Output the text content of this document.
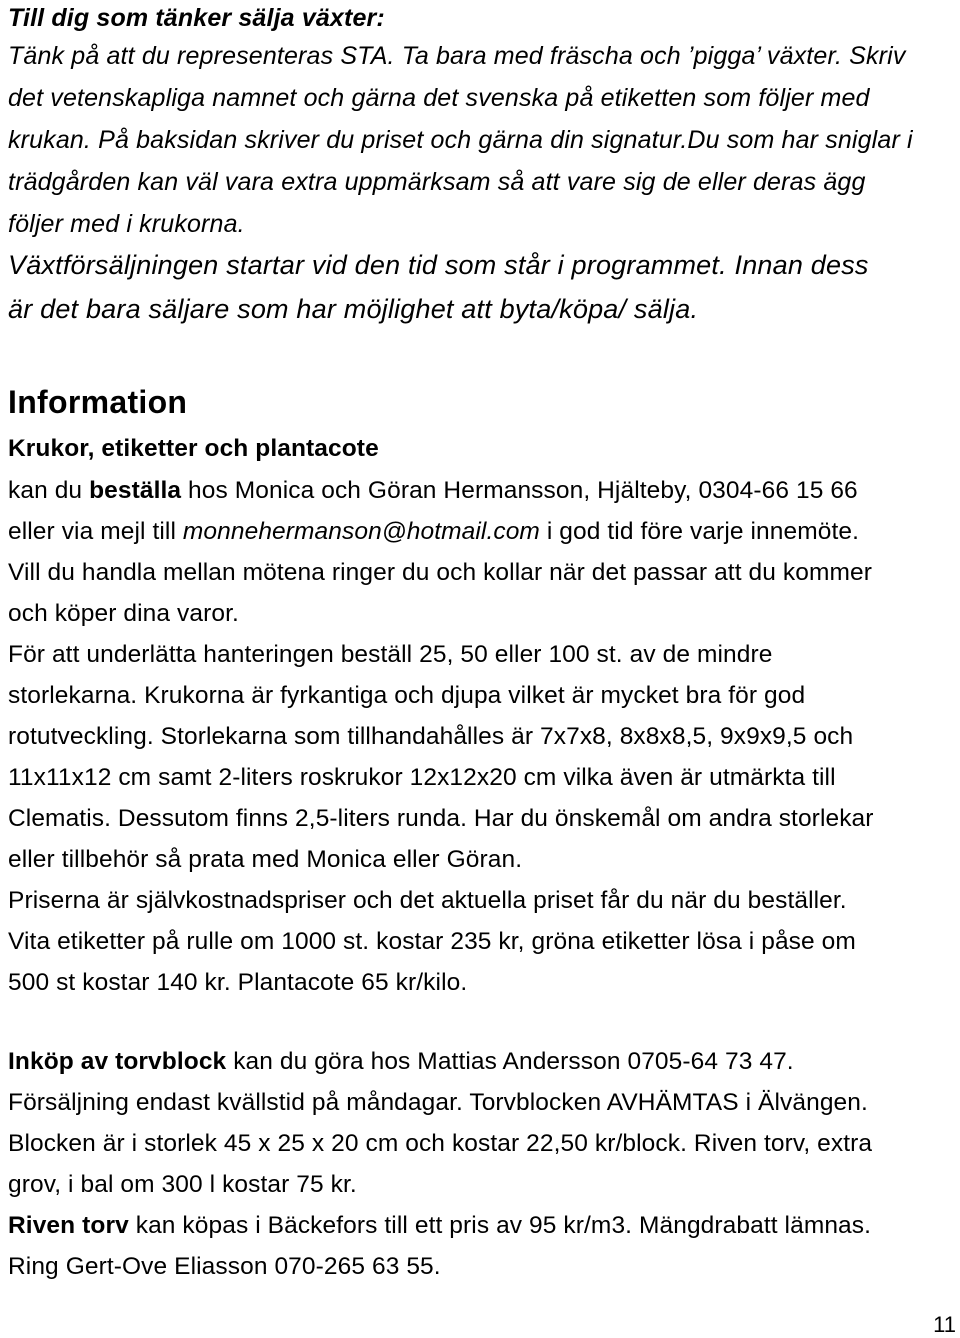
Till dig som tänker sälja växter:
Tänk på att du representeras STA. Ta bara med fräscha och ’pigga’ växter. Skriv
det vetenskapliga namnet och gärna det svenska på etiketten som följer med
krukan. På baksidan skriver du priset och gärna din signatur.Du som har sniglar i
trädgården kan väl vara extra uppmärksam så att vare sig de eller deras ägg
följer med i krukorna.
Växtförsäljningen startar vid den tid som står i programmet. Innan dess
är det bara säljare som har möjlighet att byta/köpa/ sälja.
Information
Krukor, etiketter och plantacote
kan du beställa hos Monica och Göran Hermansson, Hjälteby, 0304-66 15 66
eller via mejl till monnehermanson@hotmail.com i god tid före varje innemöte.
Vill du handla mellan mötena ringer du och kollar när det passar att du kommer
och köper dina varor.
För att underlätta hanteringen beställ 25, 50 eller 100 st. av de mindre
storlekarna. Krukorna är fyrkantiga och djupa vilket är mycket bra för god
rotutveckling. Storlekarna som tillhandahålles är 7x7x8, 8x8x8,5, 9x9x9,5 och
11x11x12 cm samt 2-liters roskrukor 12x12x20 cm vilka även är utmärkta till
Clematis. Dessutom finns 2,5-liters runda. Har du önskemål om andra storlekar
eller tillbehör så prata med Monica eller Göran.
Priserna är självkostnadspriser och det aktuella priset får du när du beställer.
Vita etiketter på rulle om 1000 st. kostar 235 kr, gröna etiketter lösa i påse om
500 st kostar 140 kr. Plantacote 65 kr/kilo.
Inköp av torvblock kan du göra hos Mattias Andersson 0705-64 73 47.
Försäljning endast kvällstid på måndagar. Torvblocken AVHÄMTAS i Älvängen.
Blocken är i storlek 45 x 25 x 20 cm och kostar 22,50 kr/block. Riven torv, extra
grov, i bal om 300 l kostar 75 kr.
Riven torv kan köpas i Bäckefors till ett pris av 95 kr/m3. Mängdrabatt lämnas.
Ring Gert-Ove Eliasson 070-265 63 55.
11
